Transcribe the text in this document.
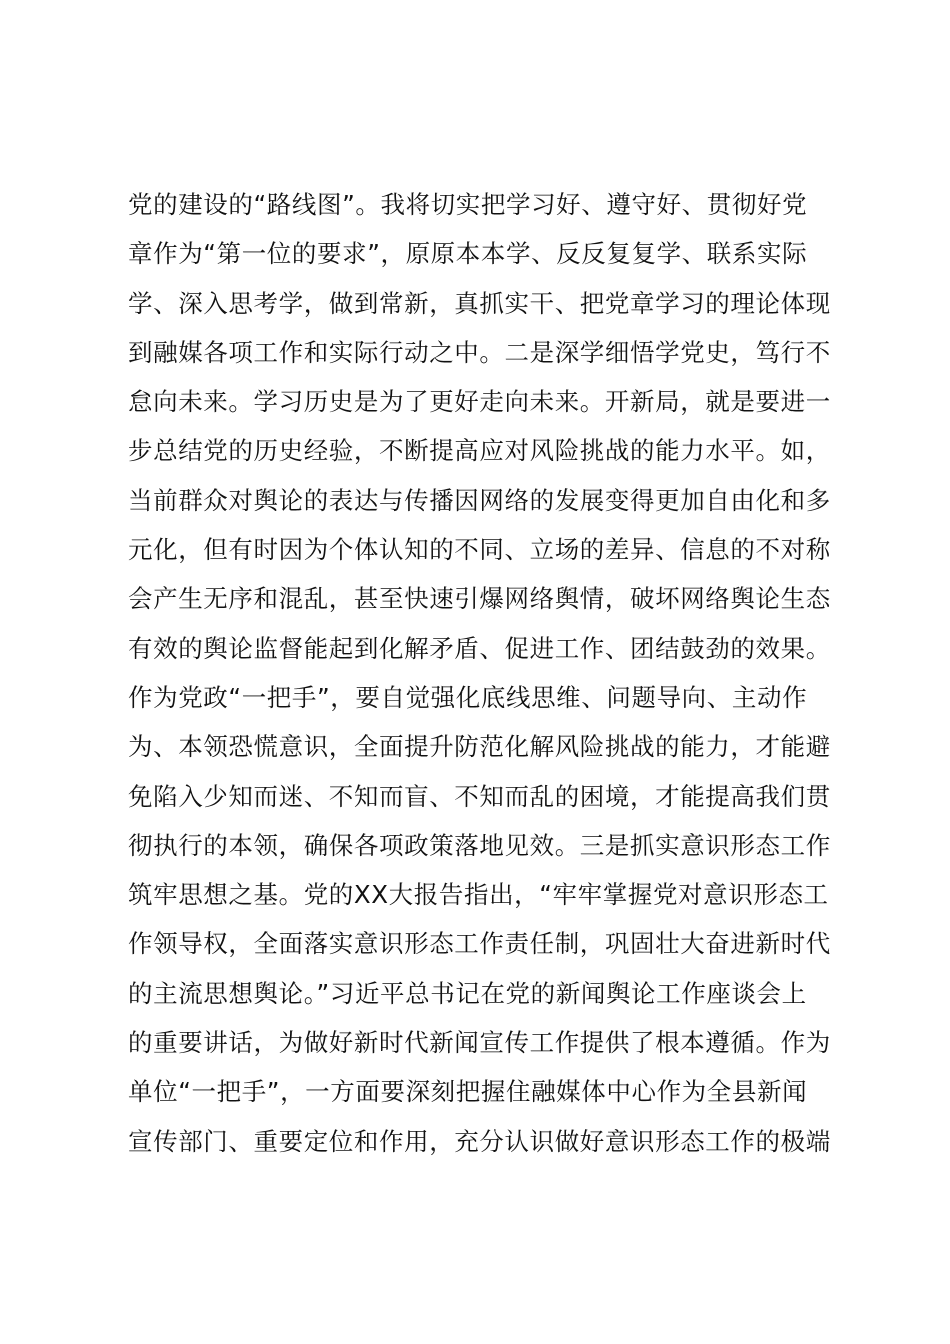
党的建设的“路线图”。我将切实把学习好、遵守好、贯彻好党
章作为“第一位的要求”，原原本本学、反反复复学、联系实际
学、深入思考学，做到常新，真抓实干、把党章学习的理论体现
到融媒各项工作和实际行动之中。二是深学细悟学党史，笃行不
怠向未来。学习历史是为了更好走向未来。开新局，就是要进一
步总结党的历史经验，不断提高应对风险挑战的能力水平。如，
当前群众对舆论的表达与传播因网络的发展变得更加自由化和多
元化，但有时因为个体认知的不同、立场的差异、信息的不对称
会产生无序和混乱，甚至快速引爆网络舆情，破坏网络舆论生态
有效的舆论监督能起到化解矛盾、促进工作、团结鼓劲的效果。
作为党政“一把手”，要自觉强化底线思维、问题导向、主动作
为、本领恐慌意识，全面提升防范化解风险挑战的能力，才能避
免陷入少知而迷、不知而盲、不知而乱的困境，才能提高我们贯
彻执行的本领，确保各项政策落地见效。三是抓实意识形态工作
筑牢思想之基。党的XX大报告指出，“牢牢掌握党对意识形态工
作领导权，全面落实意识形态工作责任制，巩固壮大奋进新时代
的主流思想舆论。”习近平总书记在党的新闻舆论工作座谈会上
的重要讲话，为做好新时代新闻宣传工作提供了根本遵循。作为
单位“一把手”，一方面要深刻把握住融媒体中心作为全县新闻
宣传部门、重要定位和作用，充分认识做好意识形态工作的极端
